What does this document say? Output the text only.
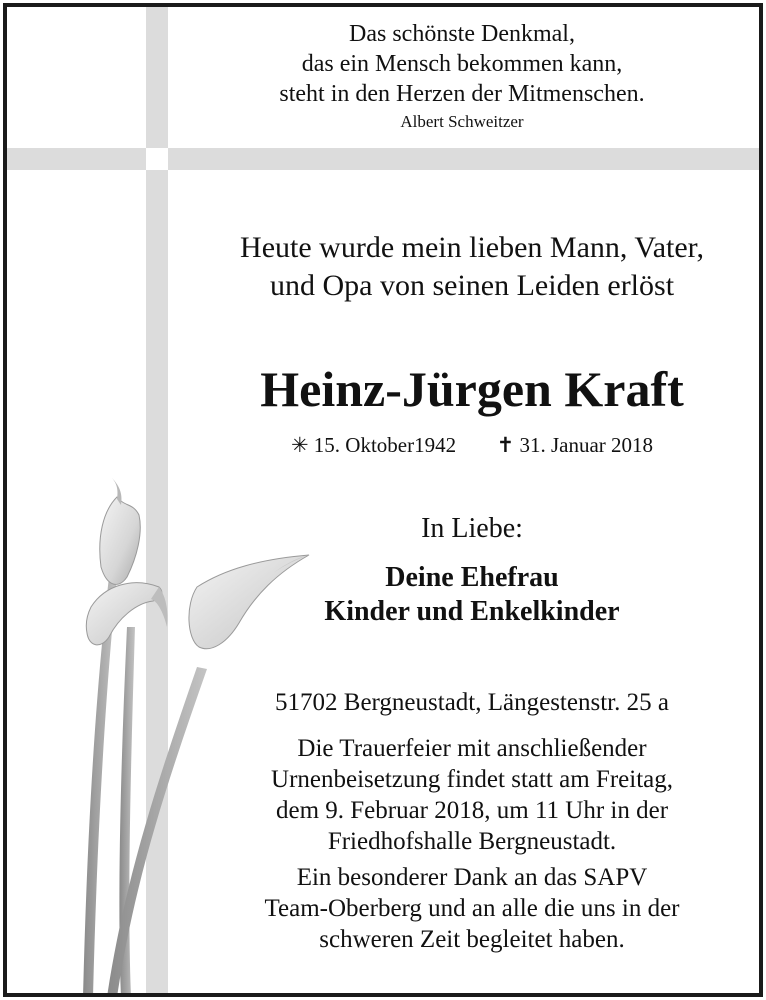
Das schönste Denkmal,
das ein Mensch bekommen kann,
steht in den Herzen der Mitmenschen.
Albert Schweitzer
Heute wurde mein lieben Mann, Vater,
und Opa von seinen Leiden erlöst
Heinz-Jürgen Kraft
✳ 15. Oktober1942 ✝ 31. Januar 2018
In Liebe:
Deine Ehefrau
Kinder und Enkelkinder
51702 Bergneustadt, Längestenstr. 25 a
Die Trauerfeier mit anschließender
Urnenbeisetzung findet statt am Freitag,
dem 9. Februar 2018, um 11 Uhr in der
Friedhofshalle Bergneustadt.
Ein besonderer Dank an das SAPV
Team-Oberberg und an alle die uns in der
schweren Zeit begleitet haben.
